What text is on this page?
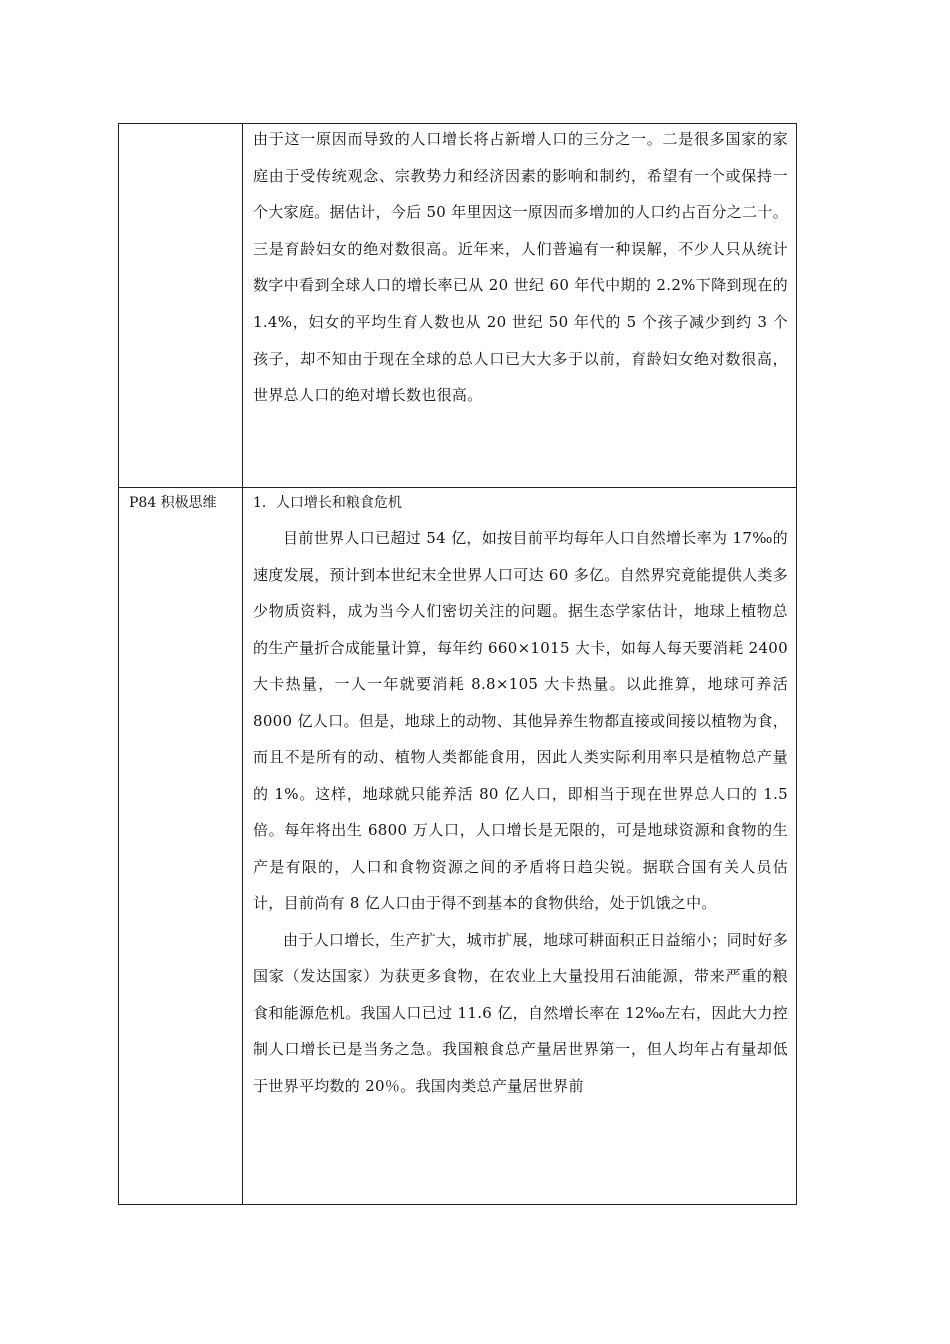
	由于这一原因而导致的人口增长将占新增人口的三分之一。二是很多国家的家庭由于受传统观念、宗教势力和经济因素的影响和制约，希望有一个或保持一个大家庭。据估计，今后 50 年里因这一原因而多增加的人口约占百分之二十。三是育龄妇女的绝对数很高。近年来，人们普遍有一种误解，不少人只从统计数字中看到全球人口的增长率已从 20 世纪 60 年代中期的 2.2%下降到现在的 1.4%，妇女的平均生育人数也从 20 世纪 50 年代的 5 个孩子减少到约 3 个孩子，却不知由于现在全球的总人口已大大多于以前，育龄妇女绝对数很高，世界总人口的绝对增长数也很高。

P84 积极思维	1．人口增长和粮食危机

目前世界人口已超过 54 亿，如按目前平均每年人口自然增长率为 17‰的速度发展，预计到本世纪末全世界人口可达 60 多亿。自然界究竟能提供人类多少物质资料，成为当今人们密切关注的问题。据生态学家估计，地球上植物总的生产量折合成能量计算，每年约 660×1015 大卡，如每人每天要消耗 2400 大卡热量，一人一年就要消耗 8.8×105 大卡热量。以此推算，地球可养活 8000 亿人口。但是，地球上的动物、其他异养生物都直接或间接以植物为食，而且不是所有的动、植物人类都能食用，因此人类实际利用率只是植物总产量的 1%。这样，地球就只能养活 80 亿人口，即相当于现在世界总人口的 1.5 倍。每年将出生 6800 万人口，人口增长是无限的，可是地球资源和食物的生产是有限的，人口和食物资源之间的矛盾将日趋尖锐。据联合国有关人员估计，目前尚有 8 亿人口由于得不到基本的食物供给，处于饥饿之中。

由于人口增长，生产扩大，城市扩展，地球可耕面积正日益缩小；同时好多国家（发达国家）为获更多食物，在农业上大量投用石油能源，带来严重的粮食和能源危机。我国人口已过 11.6 亿，自然增长率在 12‰左右，因此大力控制人口增长已是当务之急。我国粮食总产量居世界第一，但人均年占有量却低于世界平均数的 20％。我国肉类总产量居世界前
